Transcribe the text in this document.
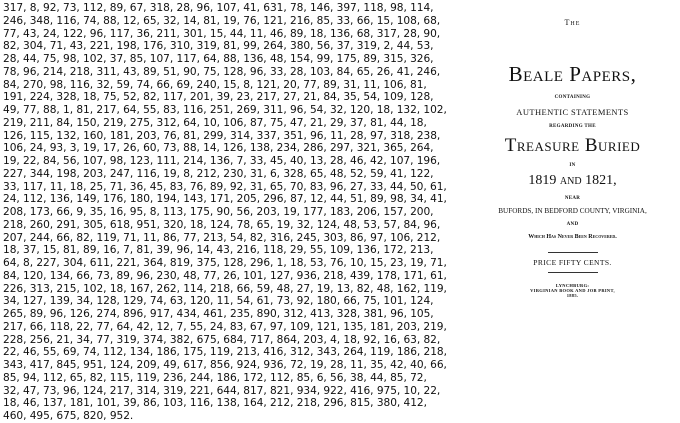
317, 8, 92, 73, 112, 89, 67, 318, 28, 96, 107, 41, 631, 78, 146, 397, 118, 98, 114,
246, 348, 116, 74, 88, 12, 65, 32, 14, 81, 19, 76, 121, 216, 85, 33, 66, 15, 108, 68,
77, 43, 24, 122, 96, 117, 36, 211, 301, 15, 44, 11, 46, 89, 18, 136, 68, 317, 28, 90,
82, 304, 71, 43, 221, 198, 176, 310, 319, 81, 99, 264, 380, 56, 37, 319, 2, 44, 53,
28, 44, 75, 98, 102, 37, 85, 107, 117, 64, 88, 136, 48, 154, 99, 175, 89, 315, 326,
78, 96, 214, 218, 311, 43, 89, 51, 90, 75, 128, 96, 33, 28, 103, 84, 65, 26, 41, 246,
84, 270, 98, 116, 32, 59, 74, 66, 69, 240, 15, 8, 121, 20, 77, 89, 31, 11, 106, 81,
191, 224, 328, 18, 75, 52, 82, 117, 201, 39, 23, 217, 27, 21, 84, 35, 54, 109, 128,
49, 77, 88, 1, 81, 217, 64, 55, 83, 116, 251, 269, 311, 96, 54, 32, 120, 18, 132, 102,
219, 211, 84, 150, 219, 275, 312, 64, 10, 106, 87, 75, 47, 21, 29, 37, 81, 44, 18,
126, 115, 132, 160, 181, 203, 76, 81, 299, 314, 337, 351, 96, 11, 28, 97, 318, 238,
106, 24, 93, 3, 19, 17, 26, 60, 73, 88, 14, 126, 138, 234, 286, 297, 321, 365, 264,
19, 22, 84, 56, 107, 98, 123, 111, 214, 136, 7, 33, 45, 40, 13, 28, 46, 42, 107, 196,
227, 344, 198, 203, 247, 116, 19, 8, 212, 230, 31, 6, 328, 65, 48, 52, 59, 41, 122,
33, 117, 11, 18, 25, 71, 36, 45, 83, 76, 89, 92, 31, 65, 70, 83, 96, 27, 33, 44, 50, 61,
24, 112, 136, 149, 176, 180, 194, 143, 171, 205, 296, 87, 12, 44, 51, 89, 98, 34, 41,
208, 173, 66, 9, 35, 16, 95, 8, 113, 175, 90, 56, 203, 19, 177, 183, 206, 157, 200,
218, 260, 291, 305, 618, 951, 320, 18, 124, 78, 65, 19, 32, 124, 48, 53, 57, 84, 96,
207, 244, 66, 82, 119, 71, 11, 86, 77, 213, 54, 82, 316, 245, 303, 86, 97, 106, 212,
18, 37, 15, 81, 89, 16, 7, 81, 39, 96, 14, 43, 216, 118, 29, 55, 109, 136, 172, 213,
64, 8, 227, 304, 611, 221, 364, 819, 375, 128, 296, 1, 18, 53, 76, 10, 15, 23, 19, 71,
84, 120, 134, 66, 73, 89, 96, 230, 48, 77, 26, 101, 127, 936, 218, 439, 178, 171, 61,
226, 313, 215, 102, 18, 167, 262, 114, 218, 66, 59, 48, 27, 19, 13, 82, 48, 162, 119,
34, 127, 139, 34, 128, 129, 74, 63, 120, 11, 54, 61, 73, 92, 180, 66, 75, 101, 124,
265, 89, 96, 126, 274, 896, 917, 434, 461, 235, 890, 312, 413, 328, 381, 96, 105,
217, 66, 118, 22, 77, 64, 42, 12, 7, 55, 24, 83, 67, 97, 109, 121, 135, 181, 203, 219,
228, 256, 21, 34, 77, 319, 374, 382, 675, 684, 717, 864, 203, 4, 18, 92, 16, 63, 82,
22, 46, 55, 69, 74, 112, 134, 186, 175, 119, 213, 416, 312, 343, 264, 119, 186, 218,
343, 417, 845, 951, 124, 209, 49, 617, 856, 924, 936, 72, 19, 28, 11, 35, 42, 40, 66,
85, 94, 112, 65, 82, 115, 119, 236, 244, 186, 172, 112, 85, 6, 56, 38, 44, 85, 72,
32, 47, 73, 96, 124, 217, 314, 319, 221, 644, 817, 821, 934, 922, 416, 975, 10, 22,
18, 46, 137, 181, 101, 39, 86, 103, 116, 138, 164, 212, 218, 296, 815, 380, 412,
460, 495, 675, 820, 952.
The
Beale Papers,
CONTAINING
AUTHENTIC STATEMENTS
REGARDING THE
Treasure Buried
IN
1819 and 1821,
NEAR
BUFORDS, IN BEDFORD COUNTY, VIRGINIA,
AND
Which Has Never Been Recovered.
PRICE FIFTY CENTS.
LYNCHBURG:
VIRGINIAN BOOK AND JOB PRINT,
1885.
